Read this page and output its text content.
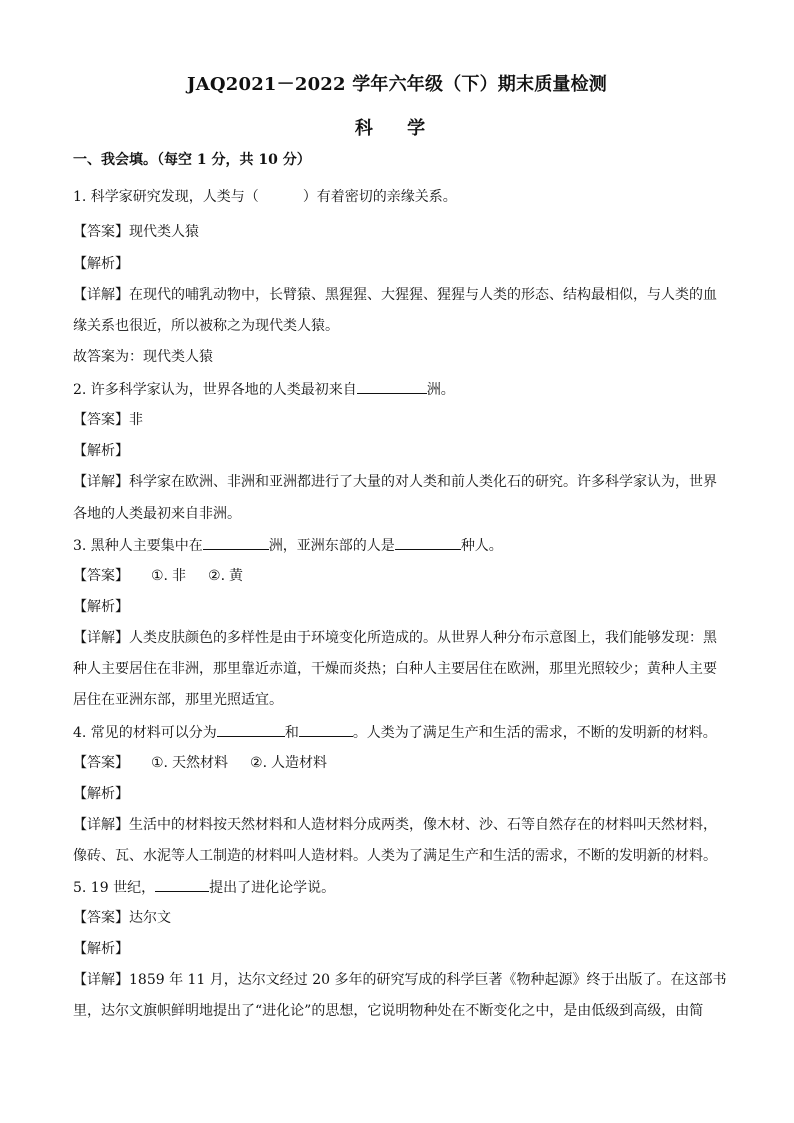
JAQ2021－2022 学年六年级（下）期末质量检测
科 学
一、我会填。（每空 1 分，共 10 分）
1. 科学家研究发现，人类与（	）有着密切的亲缘关系。
【答案】现代类人猿
【解析】
【详解】在现代的哺乳动物中，长臂猿、黑猩猩、大猩猩、猩猩与人类的形态、结构最相似，与人类的血
缘关系也很近，所以被称之为现代类人猿。
故答案为：现代类人猿
2. 许多科学家认为，世界各地的人类最初来自	洲。
【答案】非
【解析】
【详解】科学家在欧洲、非洲和亚洲都进行了大量的对人类和前人类化石的研究。许多科学家认为，世界
各地的人类最初来自非洲。
3. 黑种人主要集中在	洲，亚洲东部的人是	种人。
【答案】 ①. 非 ②. 黄
【解析】
【详解】人类皮肤颜色的多样性是由于环境变化所造成的。从世界人种分布示意图上，我们能够发现：黑
种人主要居住在非洲，那里靠近赤道，干燥而炎热；白种人主要居住在欧洲，那里光照较少；黄种人主要
居住在亚洲东部，那里光照适宜。
4. 常见的材料可以分为	和	。人类为了满足生产和生活的需求，不断的发明新的材料。
【答案】 ①. 天然材料 ②. 人造材料
【解析】
【详解】生活中的材料按天然材料和人造材料分成两类，像木材、沙、石等自然存在的材料叫天然材料，
像砖、瓦、水泥等人工制造的材料叫人造材料。人类为了满足生产和生活的需求，不断的发明新的材料。
5. 19 世纪，	提出了进化论学说。
【答案】达尔文
【解析】
【详解】1859 年 11 月，达尔文经过 20 多年的研究写成的科学巨著《物种起源》终于出版了。在这部书
里，达尔文旗帜鲜明地提出了“进化论”的思想，它说明物种处在不断变化之中，是由低级到高级，由简
